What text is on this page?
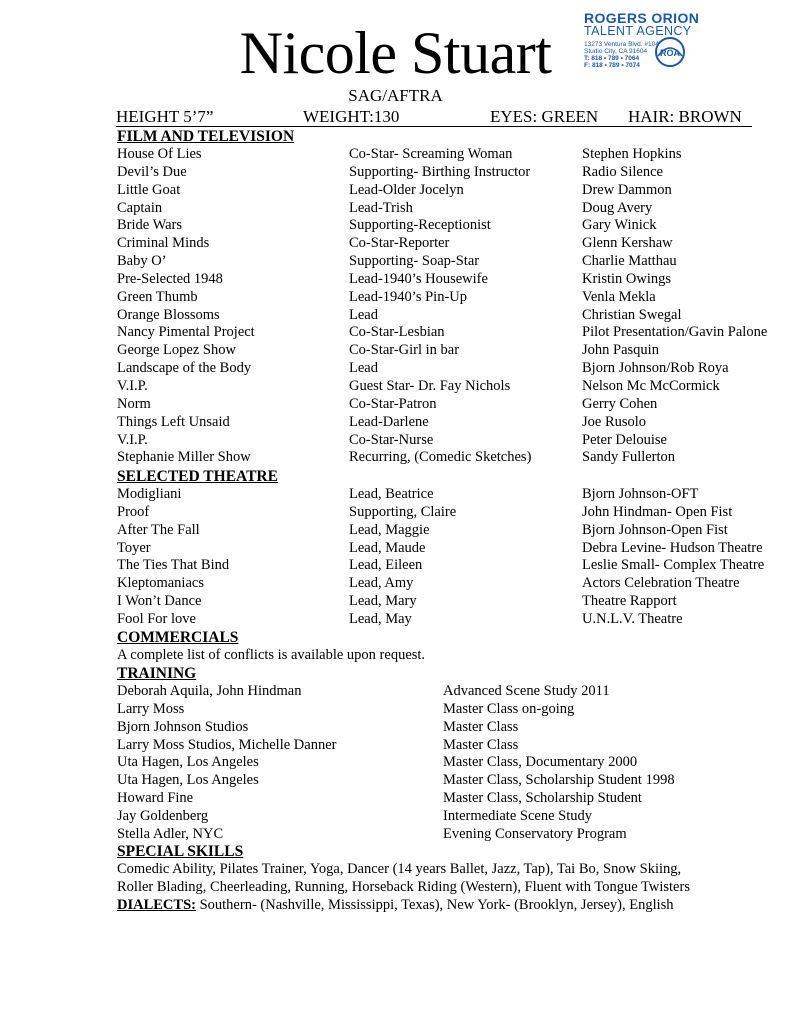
Nicole Stuart
SAG/AFTRA
ROGERS ORION
TALENT AGENCY
13273 Ventura Blvd. #104
Studio City, CA 91604
T: 818 • 789 • 7064
F: 818 • 789 • 7074
ROA
HEIGHT 5’7”	WEIGHT:130	EYES: GREEN HAIR: BROWN
FILM AND TELEVISION
House Of Lies
Devil’s Due
Little Goat
Captain
Bride Wars
Criminal Minds
Baby O’
Pre-Selected 1948
Green Thumb
Orange Blossoms
Nancy Pimental Project
George Lopez Show
Landscape of the Body
V.I.P.
Norm
Things Left Unsaid
V.I.P.
Stephanie Miller Show
Co-Star- Screaming Woman
Supporting- Birthing Instructor
Lead-Older Jocelyn
Lead-Trish
Supporting-Receptionist
Co-Star-Reporter
Supporting- Soap-Star
Lead-1940’s Housewife
Lead-1940’s Pin-Up
Lead
Co-Star-Lesbian
Co-Star-Girl in bar
Lead
Guest Star- Dr. Fay Nichols
Co-Star-Patron
Lead-Darlene
Co-Star-Nurse
Recurring, (Comedic Sketches)
Stephen Hopkins
Radio Silence
Drew Dammon
Doug Avery
Gary Winick
Glenn Kershaw
Charlie Matthau
Kristin Owings
Venla Mekla
Christian Swegal
Pilot Presentation/Gavin Palone
John Pasquin
Bjorn Johnson/Rob Roya
Nelson Mc McCormick
Gerry Cohen
Joe Rusolo
Peter Delouise
Sandy Fullerton
SELECTED THEATRE
Modigliani
Proof
After The Fall
Toyer
The Ties That Bind
Kleptomaniacs
I Won’t Dance
Fool For love
Lead, Beatrice
Supporting, Claire
Lead, Maggie
Lead, Maude
Lead, Eileen
Lead, Amy
Lead, Mary
Lead, May
Bjorn Johnson-OFT
John Hindman- Open Fist
Bjorn Johnson-Open Fist
Debra Levine- Hudson Theatre
Leslie Small- Complex Theatre
Actors Celebration Theatre
Theatre Rapport
U.N.L.V. Theatre
COMMERCIALS
A complete list of conflicts is available upon request.
TRAINING
Deborah Aquila, John Hindman
Larry Moss
Bjorn Johnson Studios
Larry Moss Studios, Michelle Danner
Uta Hagen, Los Angeles
Uta Hagen, Los Angeles
Howard Fine
Jay Goldenberg
Stella Adler, NYC
Advanced Scene Study 2011
Master Class on-going
Master Class
Master Class
Master Class, Documentary 2000
Master Class, Scholarship Student 1998
Master Class, Scholarship Student
Intermediate Scene Study
Evening Conservatory Program
SPECIAL SKILLS
Comedic Ability, Pilates Trainer, Yoga, Dancer (14 years Ballet, Jazz, Tap), Tai Bo, Snow Skiing,
Roller Blading, Cheerleading, Running, Horseback Riding (Western), Fluent with Tongue Twisters
DIALECTS: Southern- (Nashville, Mississippi, Texas), New York- (Brooklyn, Jersey), English
